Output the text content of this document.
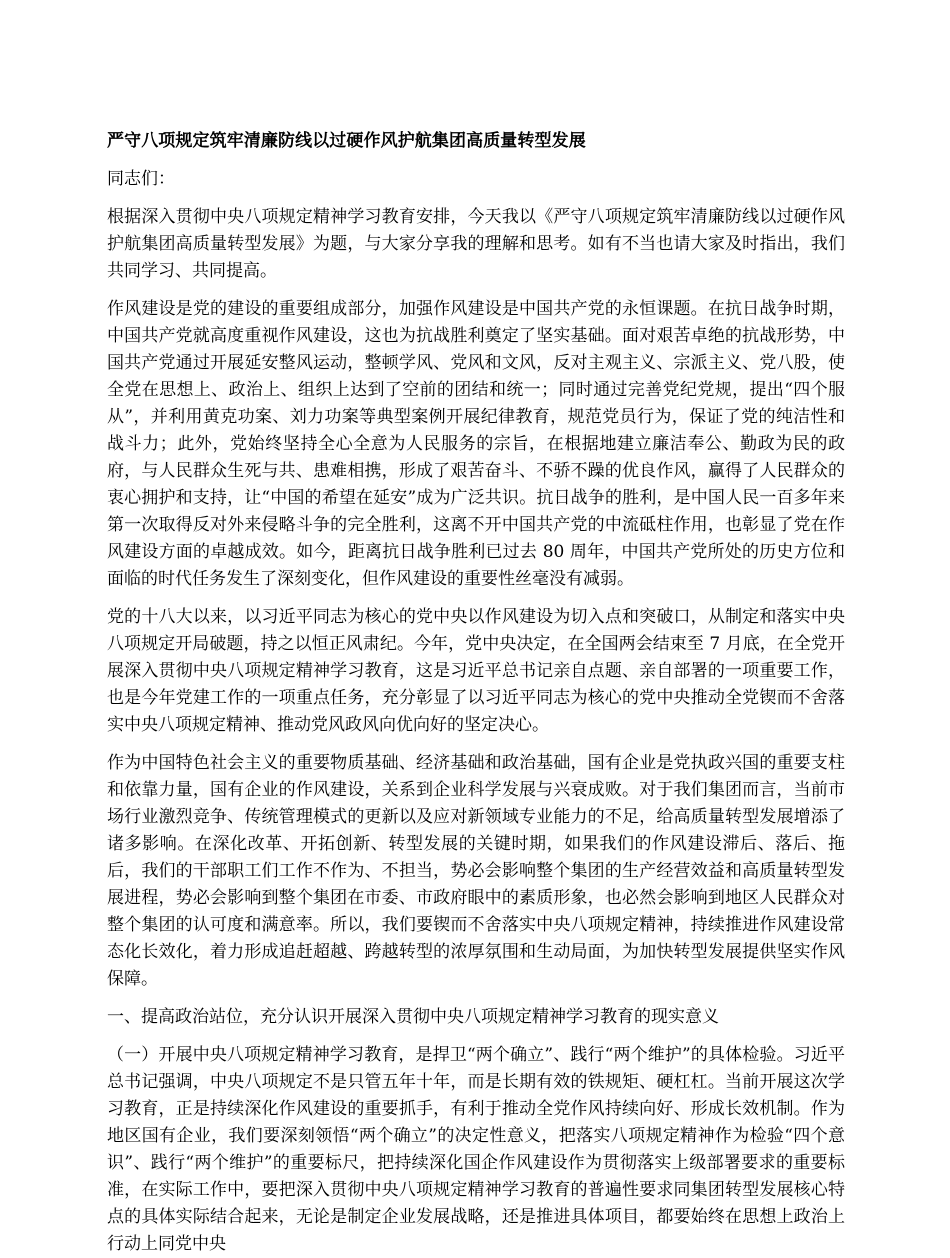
严守八项规定筑牢清廉防线以过硬作风护航集团高质量转型发展

同志们：

根据深入贯彻中央八项规定精神学习教育安排，今天我以《严守八项规定筑牢清廉防线以过硬作风护航集团高质量转型发展》为题，与大家分享我的理解和思考。如有不当也请大家及时指出，我们共同学习、共同提高。

作风建设是党的建设的重要组成部分，加强作风建设是中国共产党的永恒课题。在抗日战争时期，中国共产党就高度重视作风建设，这也为抗战胜利奠定了坚实基础。面对艰苦卓绝的抗战形势，中国共产党通过开展延安整风运动，整顿学风、党风和文风，反对主观主义、宗派主义、党八股，使全党在思想上、政治上、组织上达到了空前的团结和统一；同时通过完善党纪党规，提出“四个服从”，并利用黄克功案、刘力功案等典型案例开展纪律教育，规范党员行为，保证了党的纯洁性和战斗力；此外，党始终坚持全心全意为人民服务的宗旨，在根据地建立廉洁奉公、勤政为民的政府，与人民群众生死与共、患难相携，形成了艰苦奋斗、不骄不躁的优良作风，赢得了人民群众的衷心拥护和支持，让“中国的希望在延安”成为广泛共识。抗日战争的胜利，是中国人民一百多年来第一次取得反对外来侵略斗争的完全胜利，这离不开中国共产党的中流砥柱作用，也彰显了党在作风建设方面的卓越成效。如今，距离抗日战争胜利已过去 80 周年，中国共产党所处的历史方位和面临的时代任务发生了深刻变化，但作风建设的重要性丝毫没有减弱。

党的十八大以来，以习近平同志为核心的党中央以作风建设为切入点和突破口，从制定和落实中央八项规定开局破题，持之以恒正风肃纪。今年，党中央决定，在全国两会结束至 7 月底，在全党开展深入贯彻中央八项规定精神学习教育，这是习近平总书记亲自点题、亲自部署的一项重要工作，也是今年党建工作的一项重点任务，充分彰显了以习近平同志为核心的党中央推动全党锲而不舍落实中央八项规定精神、推动党风政风向优向好的坚定决心。

作为中国特色社会主义的重要物质基础、经济基础和政治基础，国有企业是党执政兴国的重要支柱和依靠力量，国有企业的作风建设，关系到企业科学发展与兴衰成败。对于我们集团而言，当前市场行业激烈竞争、传统管理模式的更新以及应对新领域专业能力的不足，给高质量转型发展增添了诸多影响。在深化改革、开拓创新、转型发展的关键时期，如果我们的作风建设滞后、落后、拖后，我们的干部职工们工作不作为、不担当，势必会影响整个集团的生产经营效益和高质量转型发展进程，势必会影响到整个集团在市委、市政府眼中的素质形象，也必然会影响到地区人民群众对整个集团的认可度和满意率。所以，我们要锲而不舍落实中央八项规定精神，持续推进作风建设常态化长效化，着力形成追赶超越、跨越转型的浓厚氛围和生动局面，为加快转型发展提供坚实作风保障。

一、提高政治站位，充分认识开展深入贯彻中央八项规定精神学习教育的现实意义

（一）开展中央八项规定精神学习教育，是捍卫“两个确立”、践行“两个维护”的具体检验。习近平总书记强调，中央八项规定不是只管五年十年，而是长期有效的铁规矩、硬杠杠。当前开展这次学习教育，正是持续深化作风建设的重要抓手，有利于推动全党作风持续向好、形成长效机制。作为地区国有企业，我们要深刻领悟“两个确立”的决定性意义，把落实八项规定精神作为检验“四个意识”、践行“两个维护”的重要标尺，把持续深化国企作风建设作为贯彻落实上级部署要求的重要标准，在实际工作中，要把深入贯彻中央八项规定精神学习教育的普遍性要求同集团转型发展核心特点的具体实际结合起来，无论是制定企业发展战略，还是推进具体项目，都要始终在思想上政治上行动上同党中央
